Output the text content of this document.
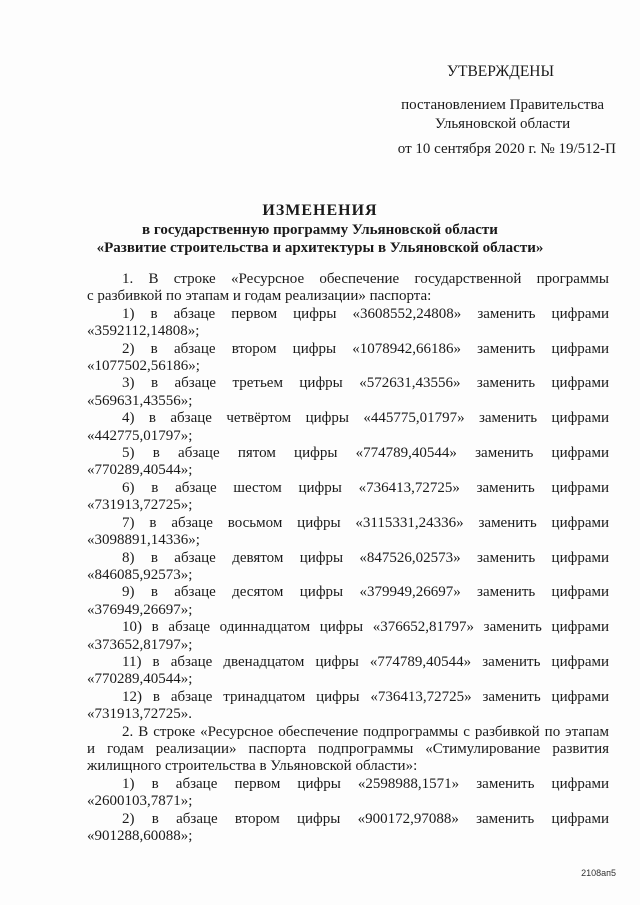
УТВЕРЖДЕНЫ
постановлением Правительства
Ульяновской области
от 10 сентября 2020 г. № 19/512-П
ИЗМЕНЕНИЯ
в государственную программу Ульяновской области
«Развитие строительства и архитектуры в Ульяновской области»
1. В строке «Ресурсное обеспечение государственной программы
с разбивкой по этапам и годам реализации» паспорта:
1) в абзаце первом цифры «3608552,24808» заменить цифрами
«3592112,14808»;
2) в абзаце втором цифры «1078942,66186» заменить цифрами
«1077502,56186»;
3) в абзаце третьем цифры «572631,43556» заменить цифрами
«569631,43556»;
4) в абзаце четвёртом цифры «445775,01797» заменить цифрами
«442775,01797»;
5) в абзаце пятом цифры «774789,40544» заменить цифрами
«770289,40544»;
6) в абзаце шестом цифры «736413,72725» заменить цифрами
«731913,72725»;
7) в абзаце восьмом цифры «3115331,24336» заменить цифрами
«3098891,14336»;
8) в абзаце девятом цифры «847526,02573» заменить цифрами
«846085,92573»;
9) в абзаце десятом цифры «379949,26697» заменить цифрами
«376949,26697»;
10) в абзаце одиннадцатом цифры «376652,81797» заменить цифрами
«373652,81797»;
11) в абзаце двенадцатом цифры «774789,40544» заменить цифрами
«770289,40544»;
12) в абзаце тринадцатом цифры «736413,72725» заменить цифрами
«731913,72725».
2. В строке «Ресурсное обеспечение подпрограммы с разбивкой по этапам
и годам реализации» паспорта подпрограммы «Стимулирование развития
жилищного строительства в Ульяновской области»:
1) в абзаце первом цифры «2598988,1571» заменить цифрами
«2600103,7871»;
2) в абзаце втором цифры «900172,97088» заменить цифрами
«901288,60088»;
2108ап5
